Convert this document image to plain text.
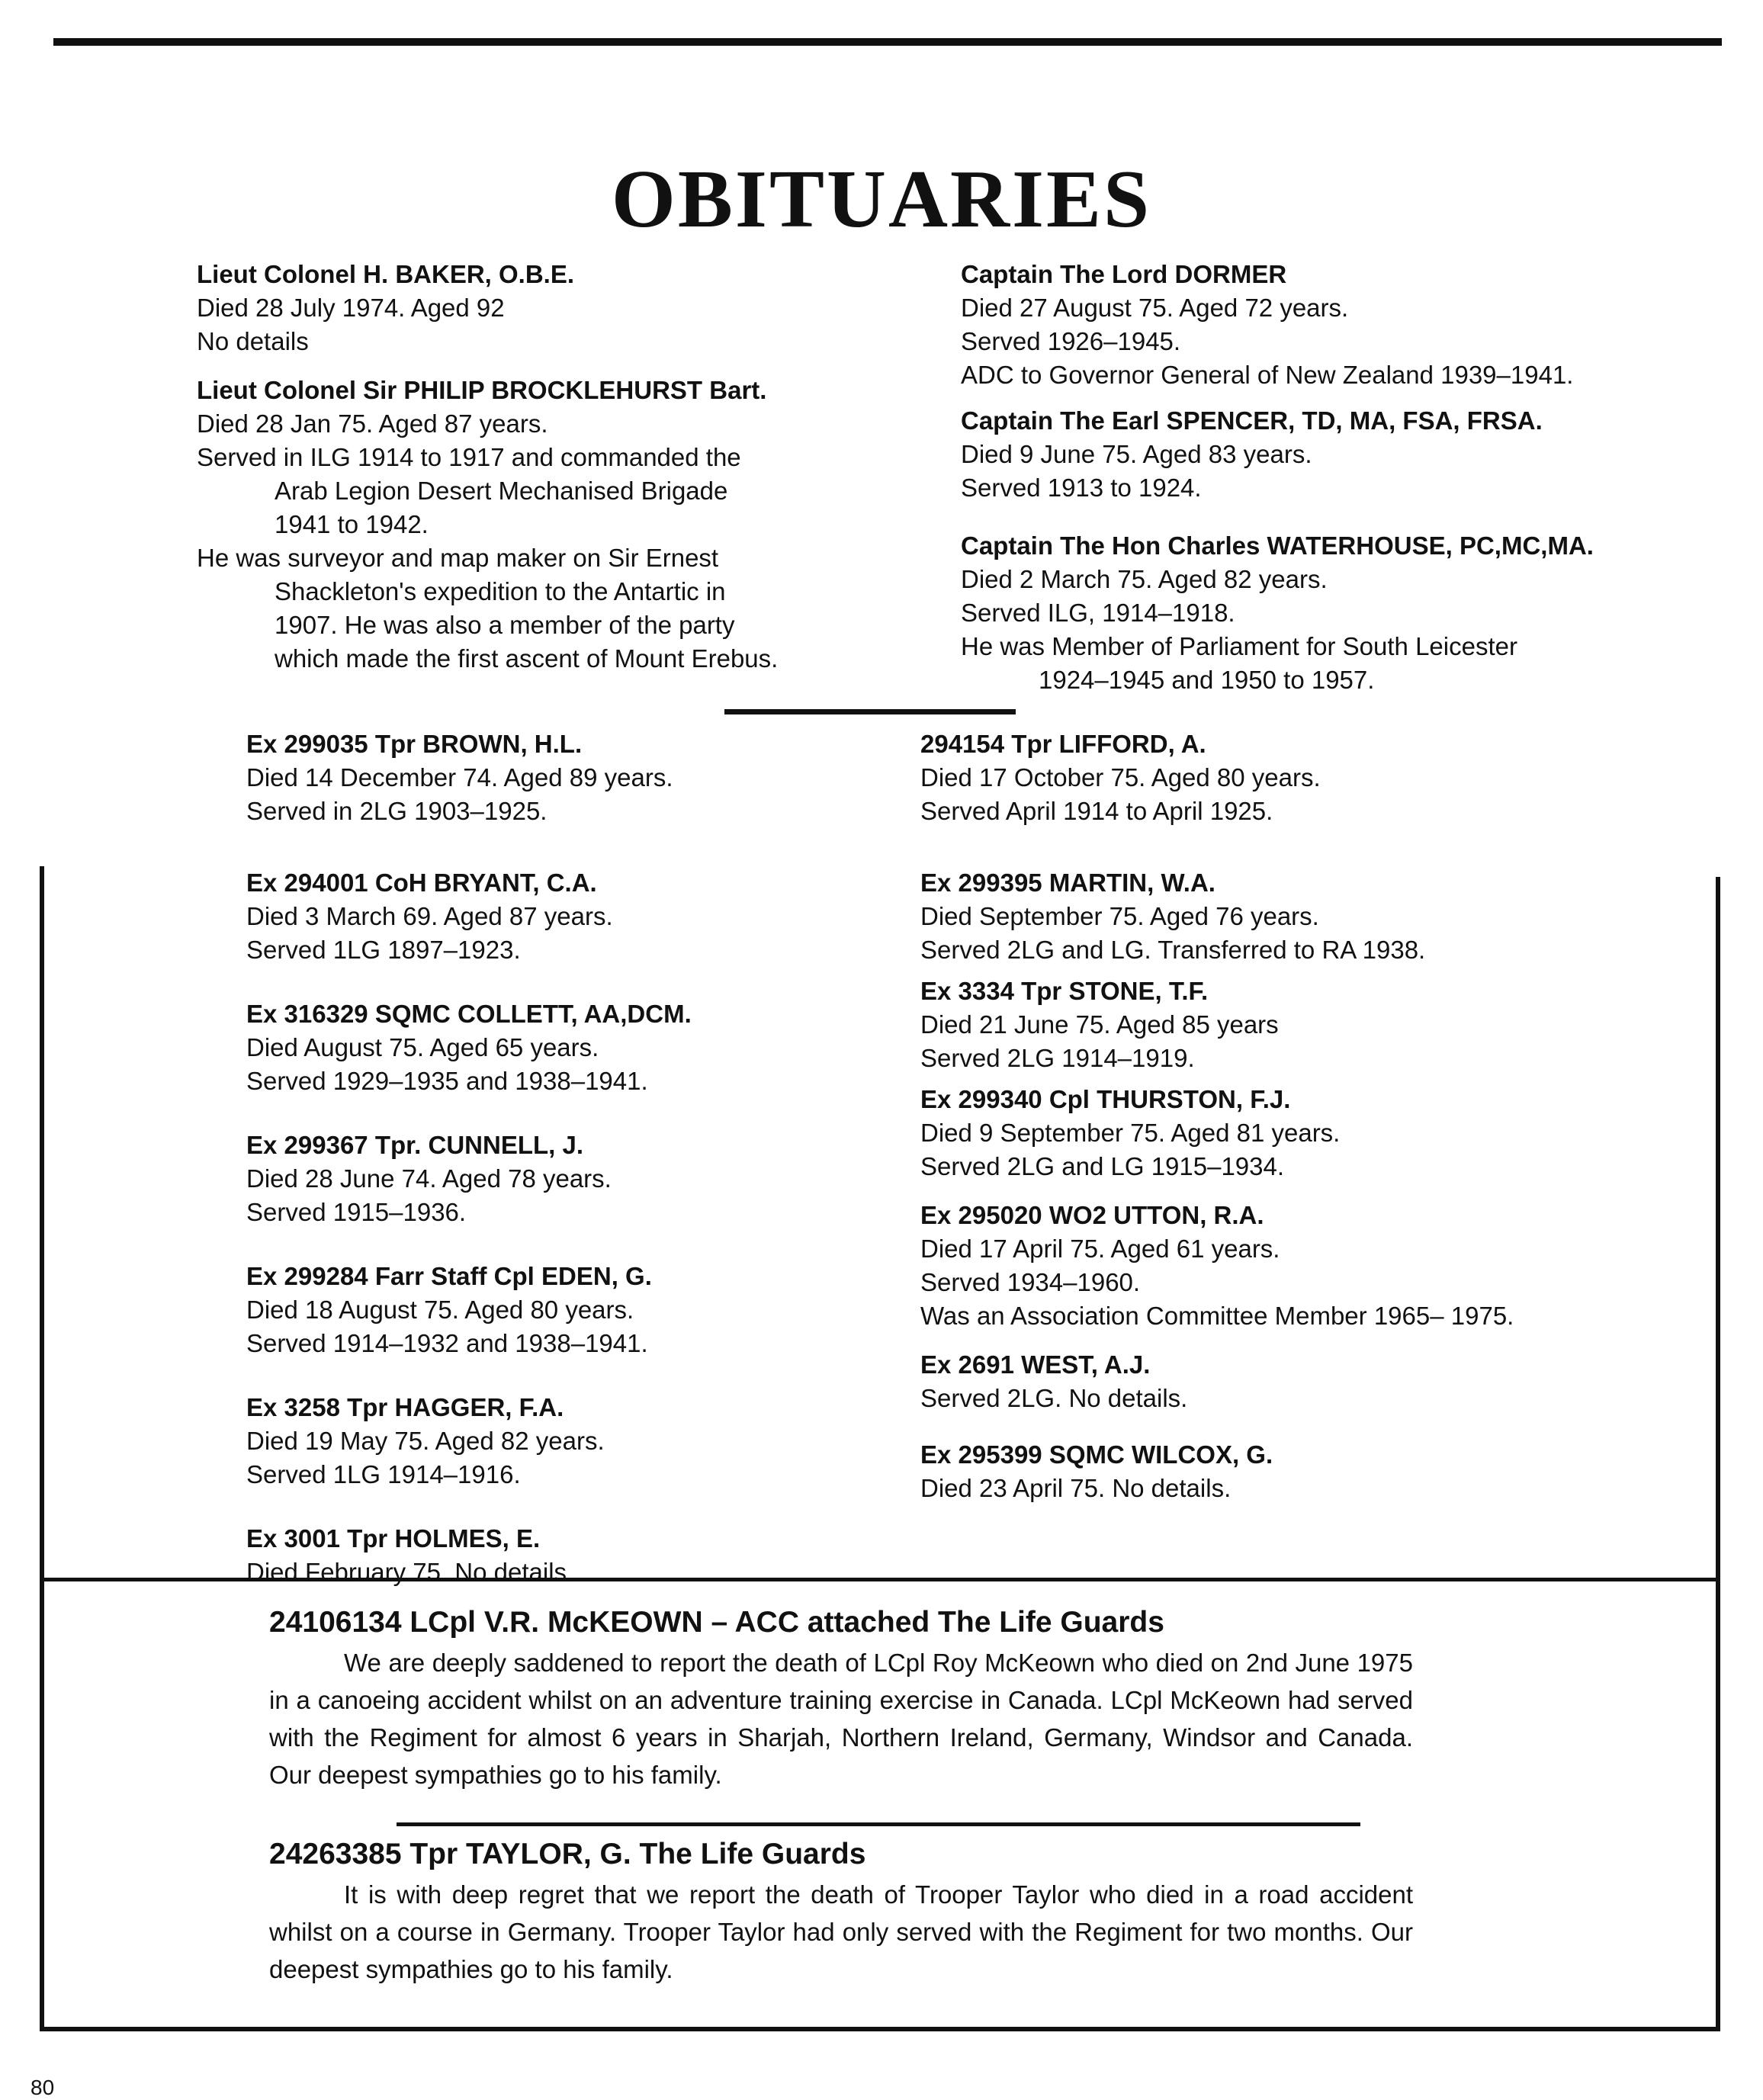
OBITUARIES
Lieut Colonel H. BAKER, O.B.E.
Died 28 July 1974. Aged 92
No details
Lieut Colonel Sir PHILIP BROCKLEHURST Bart.
Died 28 Jan 75. Aged 87 years.
Served in ILG 1914 to 1917 and commanded the
Arab Legion Desert Mechanised Brigade
1941 to 1942.
He was surveyor and map maker on Sir Ernest
Shackleton's expedition to the Antartic in
1907. He was also a member of the party
which made the first ascent of Mount Erebus.
Captain The Lord DORMER
Died 27 August 75. Aged 72 years.
Served 1926–1945.
ADC to Governor General of New Zealand 1939–1941.
Captain The Earl SPENCER, TD, MA, FSA, FRSA.
Died 9 June 75. Aged 83 years.
Served 1913 to 1924.
Captain The Hon Charles WATERHOUSE, PC,MC,MA.
Died 2 March 75. Aged 82 years.
Served ILG, 1914–1918.
He was Member of Parliament for South Leicester
1924–1945 and 1950 to 1957.
Ex 299035 Tpr BROWN, H.L.
Died 14 December 74. Aged 89 years.
Served in 2LG 1903–1925.
Ex 294001 CoH BRYANT, C.A.
Died 3 March 69. Aged 87 years.
Served 1LG 1897–1923.
Ex 316329 SQMC COLLETT, AA,DCM.
Died August 75. Aged 65 years.
Served 1929–1935 and 1938–1941.
Ex 299367 Tpr. CUNNELL, J.
Died 28 June 74. Aged 78 years.
Served 1915–1936.
Ex 299284 Farr Staff Cpl EDEN, G.
Died 18 August 75. Aged 80 years.
Served 1914–1932 and 1938–1941.
Ex 3258 Tpr HAGGER, F.A.
Died 19 May 75. Aged 82 years.
Served 1LG 1914–1916.
Ex 3001 Tpr HOLMES, E.
Died February 75. No details.
294154 Tpr LIFFORD, A.
Died 17 October 75. Aged 80 years.
Served April 1914 to April 1925.
Ex 299395 MARTIN, W.A.
Died September 75. Aged 76 years.
Served 2LG and LG. Transferred to RA 1938.
Ex 3334 Tpr STONE, T.F.
Died 21 June 75. Aged 85 years
Served 2LG 1914–1919.
Ex 299340 Cpl THURSTON, F.J.
Died 9 September 75. Aged 81 years.
Served 2LG and LG 1915–1934.
Ex 295020 WO2 UTTON, R.A.
Died 17 April 75. Aged 61 years.
Served 1934–1960.
Was an Association Committee Member 1965– 1975.
Ex 2691 WEST, A.J.
Served 2LG. No details.
Ex 295399 SQMC WILCOX, G.
Died 23 April 75. No details.
24106134 LCpl V.R. McKEOWN – ACC attached The Life Guards

We are deeply saddened to report the death of LCpl Roy McKeown who died on 2nd June 1975 in a canoeing accident whilst on an adventure training exercise in Canada. LCpl McKeown had served with the Regiment for almost 6 years in Sharjah, Northern Ireland, Germany, Windsor and Canada. Our deepest sympathies go to his family.

24263385 Tpr TAYLOR, G. The Life Guards

It is with deep regret that we report the death of Trooper Taylor who died in a road accident whilst on a course in Germany. Trooper Taylor had only served with the Regiment for two months. Our deepest sympathies go to his family.

80
